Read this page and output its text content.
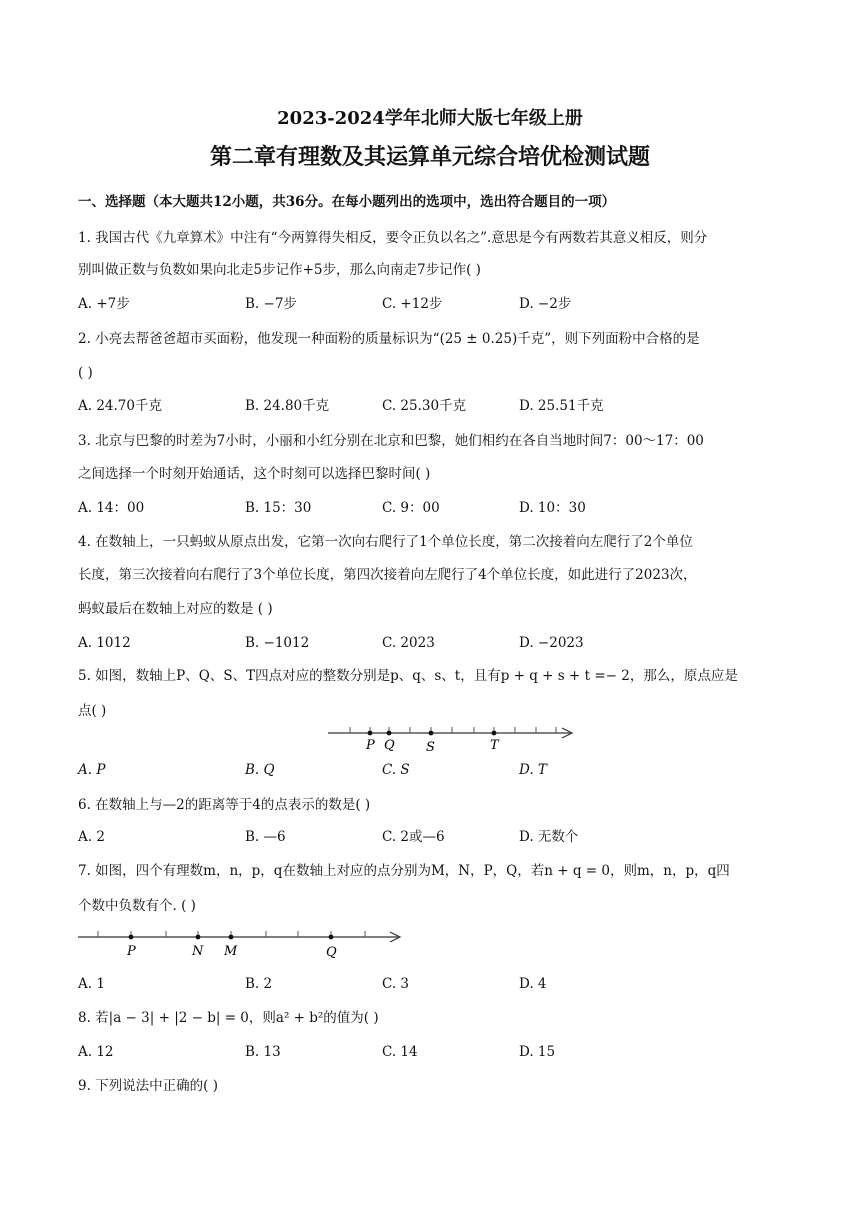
2023-2024学年北师大版七年级上册
第二章有理数及其运算单元综合培优检测试题
一、选择题（本大题共12小题，共36分。在每小题列出的选项中，选出符合题目的一项）
1. 我国古代《九章算术》中注有“今两算得失相反，要令正负以名之”.意思是今有两数若其意义相反，则分
别叫做正数与负数如果向北走5步记作+5步，那么向南走7步记作( )
A. +7步	B. −7步	C. +12步	D. −2步
2. 小亮去帮爸爸超市买面粉，他发现一种面粉的质量标识为“(25 ± 0.25)千克”，则下列面粉中合格的是
( )
A. 24.70千克	B. 24.80千克	C. 25.30千克	D. 25.51千克
3. 北京与巴黎的时差为7小时，小丽和小红分别在北京和巴黎，她们相约在各自当地时间7：00～17：00
之间选择一个时刻开始通话，这个时刻可以选择巴黎时间( )
A. 14：00	B. 15：30	C. 9：00	D. 10：30
4. 在数轴上，一只蚂蚁从原点出发，它第一次向右爬行了1个单位长度，第二次接着向左爬行了2个单位
长度，第三次接着向右爬行了3个单位长度，第四次接着向左爬行了4个单位长度，如此进行了2023次，
蚂蚁最后在数轴上对应的数是 ( )
A. 1012	B. −1012	C. 2023	D. −2023
5. 如图，数轴上P、Q、S、T四点对应的整数分别是p、q、s、t，且有p + q + s + t =− 2，那么，原点应是
点( )
P Q S	T
A. P	B. Q	C. S	D. T
6. 在数轴上与—2的距离等于4的点表示的数是( )
A. 2	B. —6	C. 2或—6	D. 无数个
7. 如图，四个有理数m，n，p，q在数轴上对应的点分别为M，N，P，Q，若n + q = 0，则m，n，p，q四
个数中负数有个. ( )
P	N M	Q
A. 1	B. 2	C. 3	D. 4
8. 若|a − 3| + |2 − b| = 0，则a² + b²的值为( )
A. 12	B. 13	C. 14	D. 15
9. 下列说法中正确的( )
